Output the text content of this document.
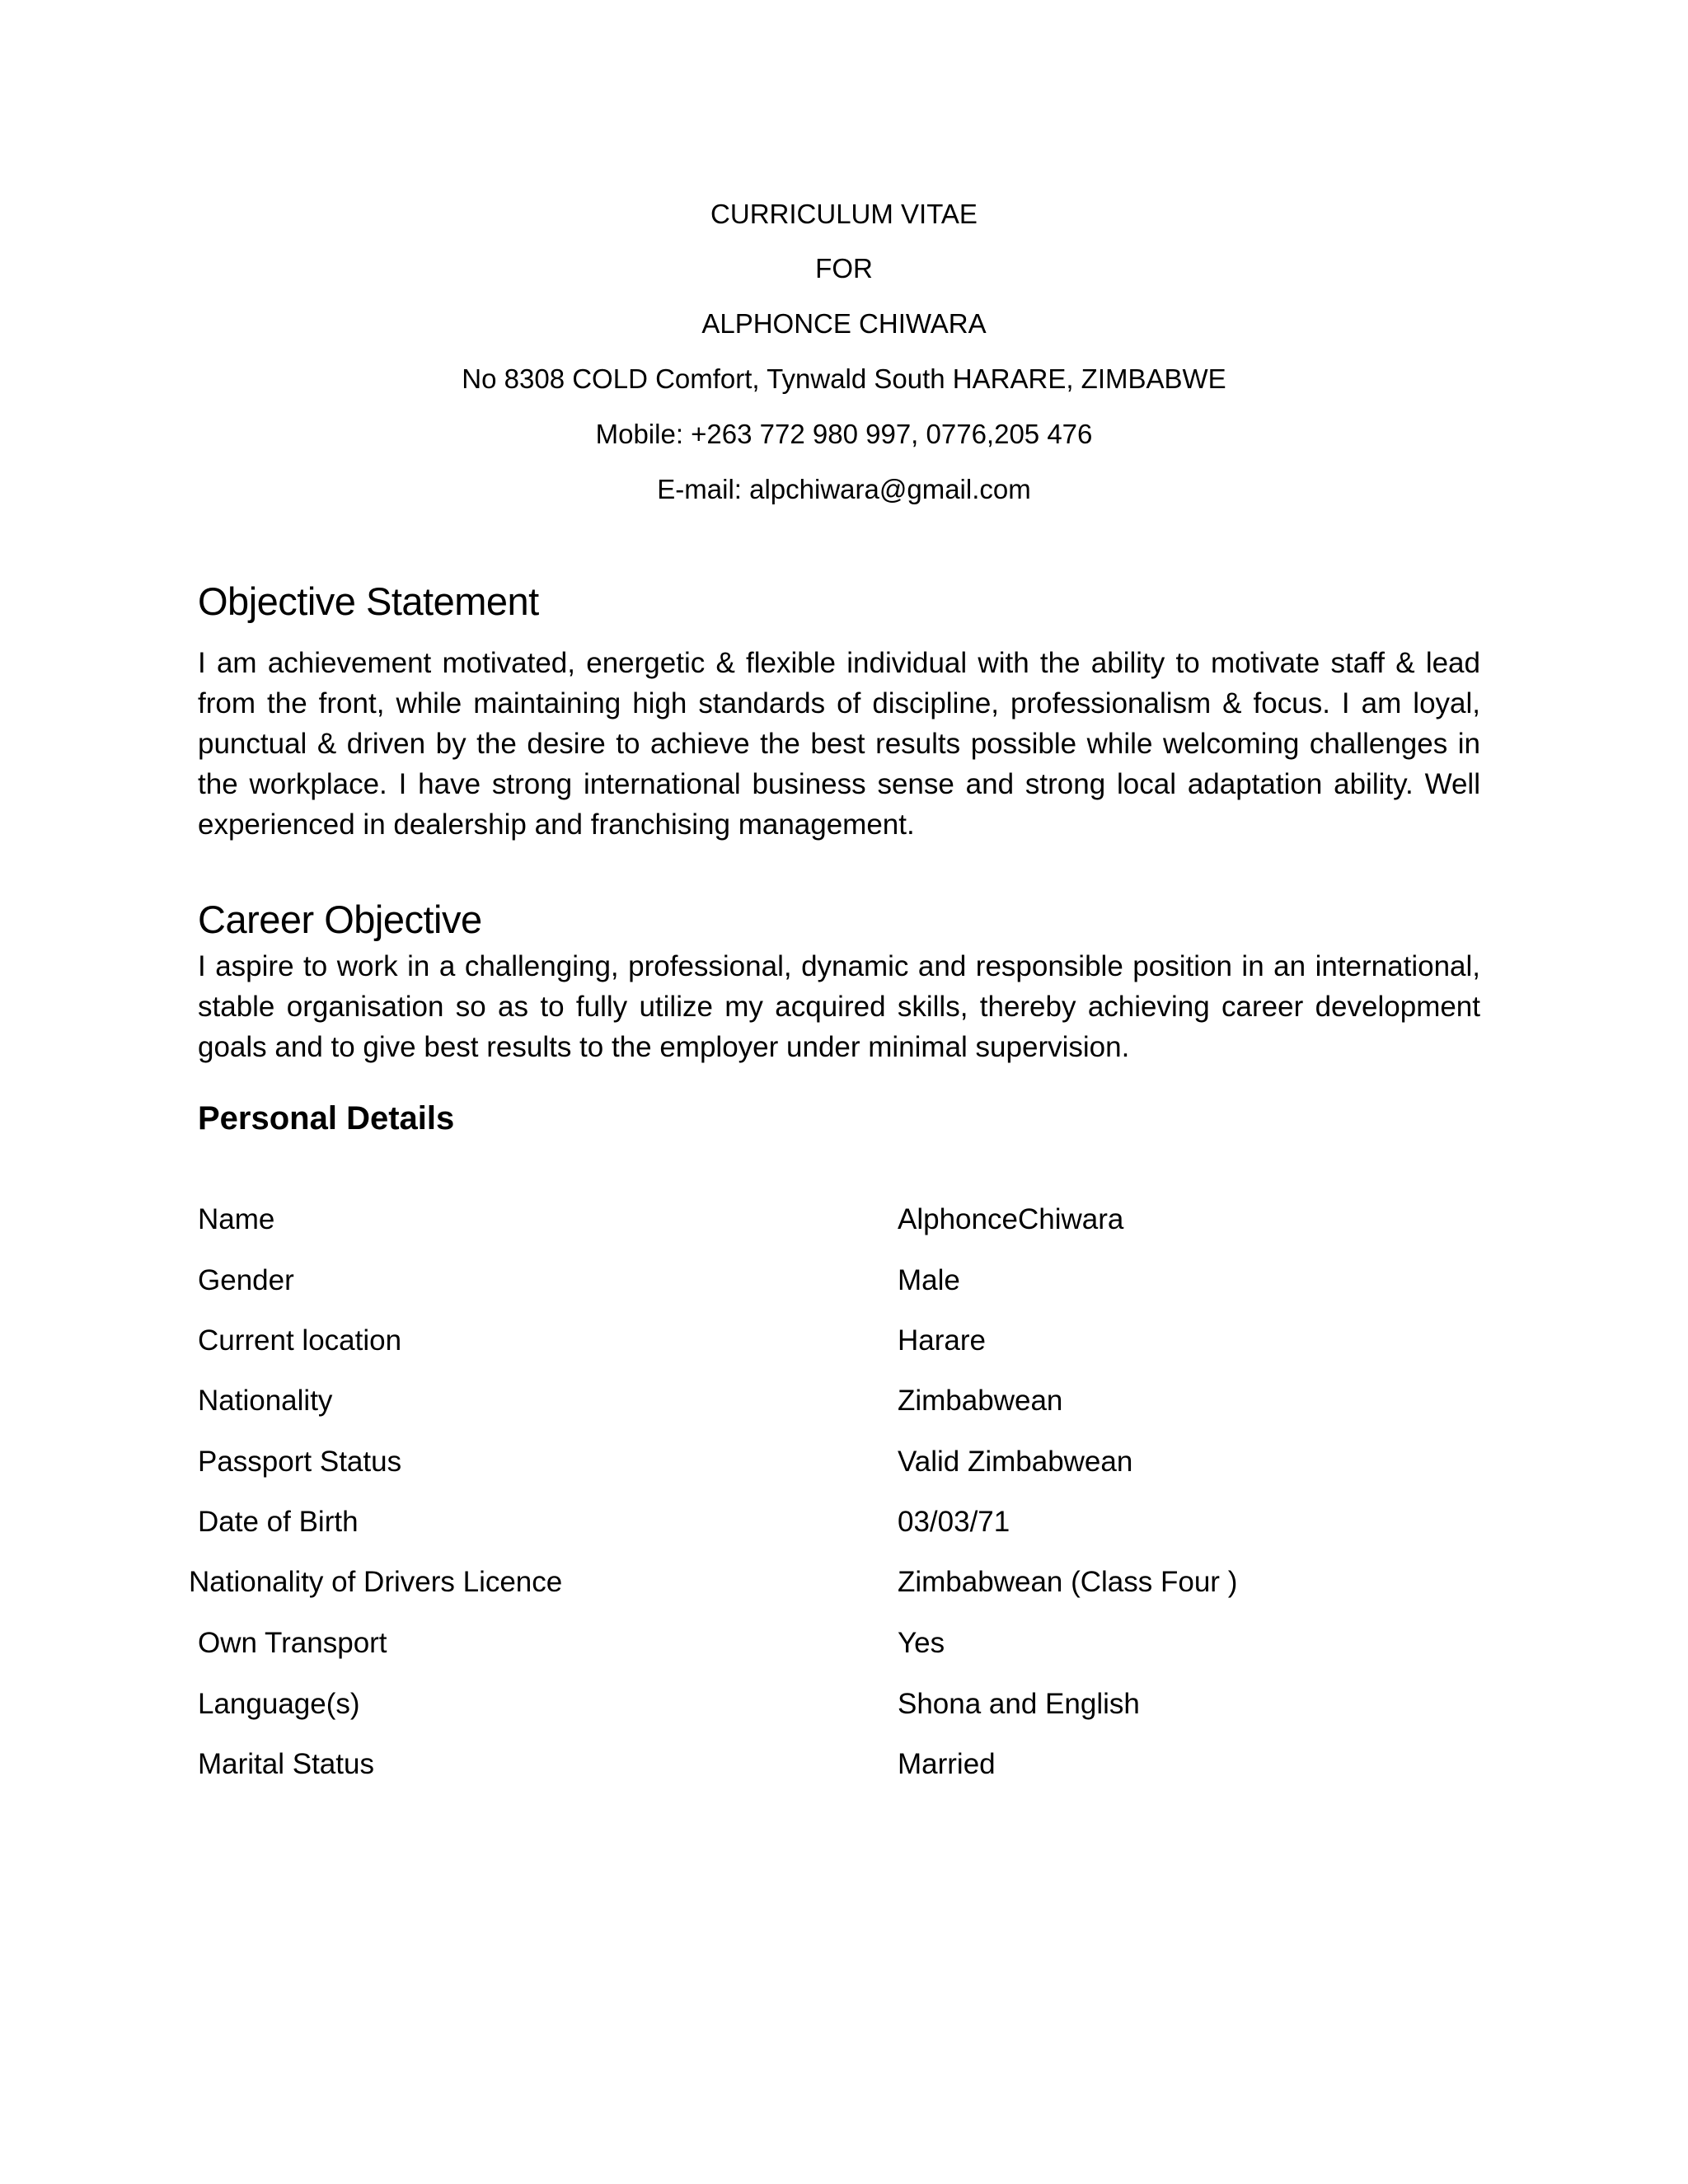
CURRICULUM VITAE
FOR
ALPHONCE CHIWARA
No 8308 COLD Comfort, Tynwald South HARARE, ZIMBABWE
Mobile: +263 772 980 997, 0776,205 476
E-mail: alpchiwara@gmail.com
Objective Statement

I am achievement motivated, energetic & flexible individual with the ability to motivate staff & lead from the front, while maintaining high standards of discipline, professionalism & focus. I am loyal, punctual & driven by the desire to achieve the best results possible while welcoming challenges in the workplace. I have strong international business sense and strong local adaptation ability. Well experienced in dealership and franchising management.

Career Objective

I aspire to work in a challenging, professional, dynamic and responsible position in an international, stable organisation so as to fully utilize my acquired skills, thereby achieving career development goals and to give best results to the employer under minimal supervision.

Personal Details
Name	AlphonceChiwara
Gender	Male
Current location	Harare
Nationality	Zimbabwean
Passport Status	Valid Zimbabwean
Date of Birth	03/03/71
Nationality of Drivers Licence	Zimbabwean (Class Four )
Own Transport	Yes
Language(s)	Shona and English
Marital Status	Married
